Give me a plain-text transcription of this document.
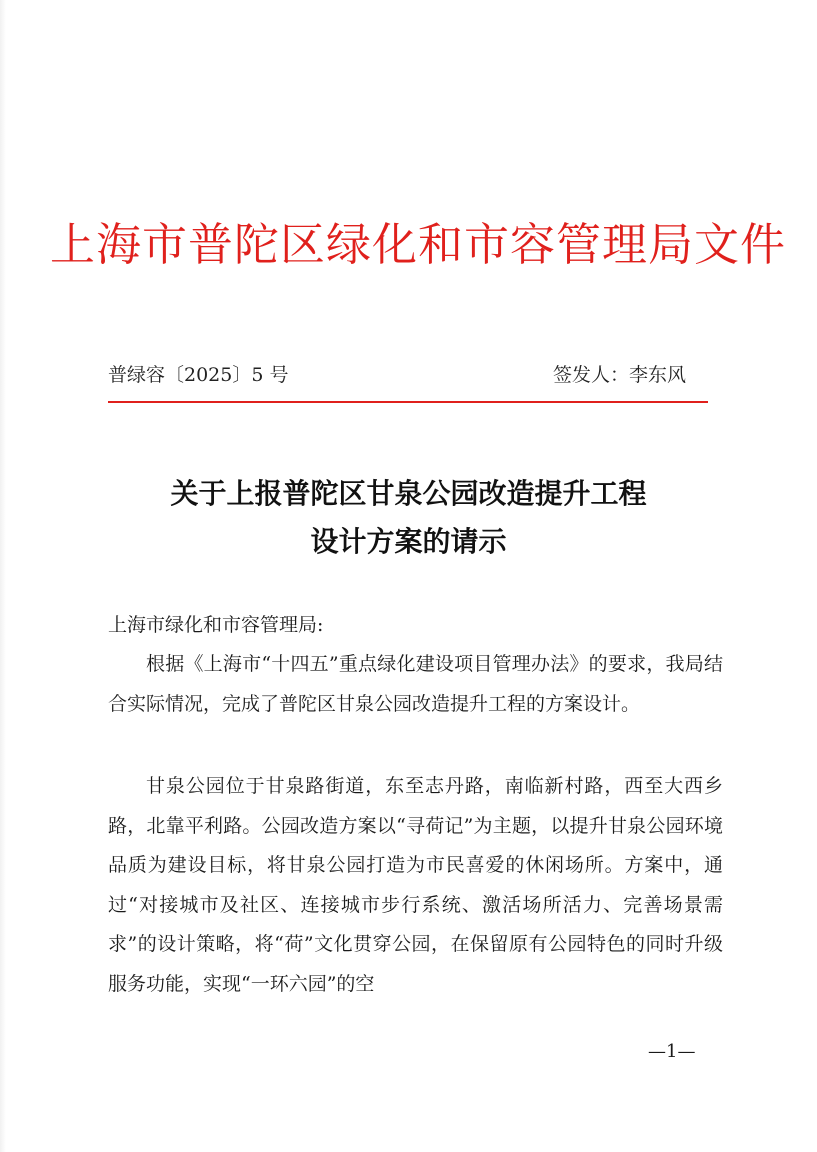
上海市普陀区绿化和市容管理局文件
普绿容〔2025〕5 号	签发人：李东风
关于上报普陀区甘泉公园改造提升工程
设计方案的请示
上海市绿化和市容管理局:
根据《上海市“十四五”重点绿化建设项目管理办法》的要求，我局结合实际情况，完成了普陀区甘泉公园改造提升工程的方案设计。
甘泉公园位于甘泉路街道，东至志丹路，南临新村路，西至大西乡路，北靠平利路。公园改造方案以“寻荷记”为主题，以提升甘泉公园环境品质为建设目标，将甘泉公园打造为市民喜爱的休闲场所。方案中，通过“对接城市及社区、连接城市步行系统、激活场所活力、完善场景需求”的设计策略，将“荷”文化贯穿公园，在保留原有公园特色的同时升级服务功能，实现“一环六园”的空
—1—
